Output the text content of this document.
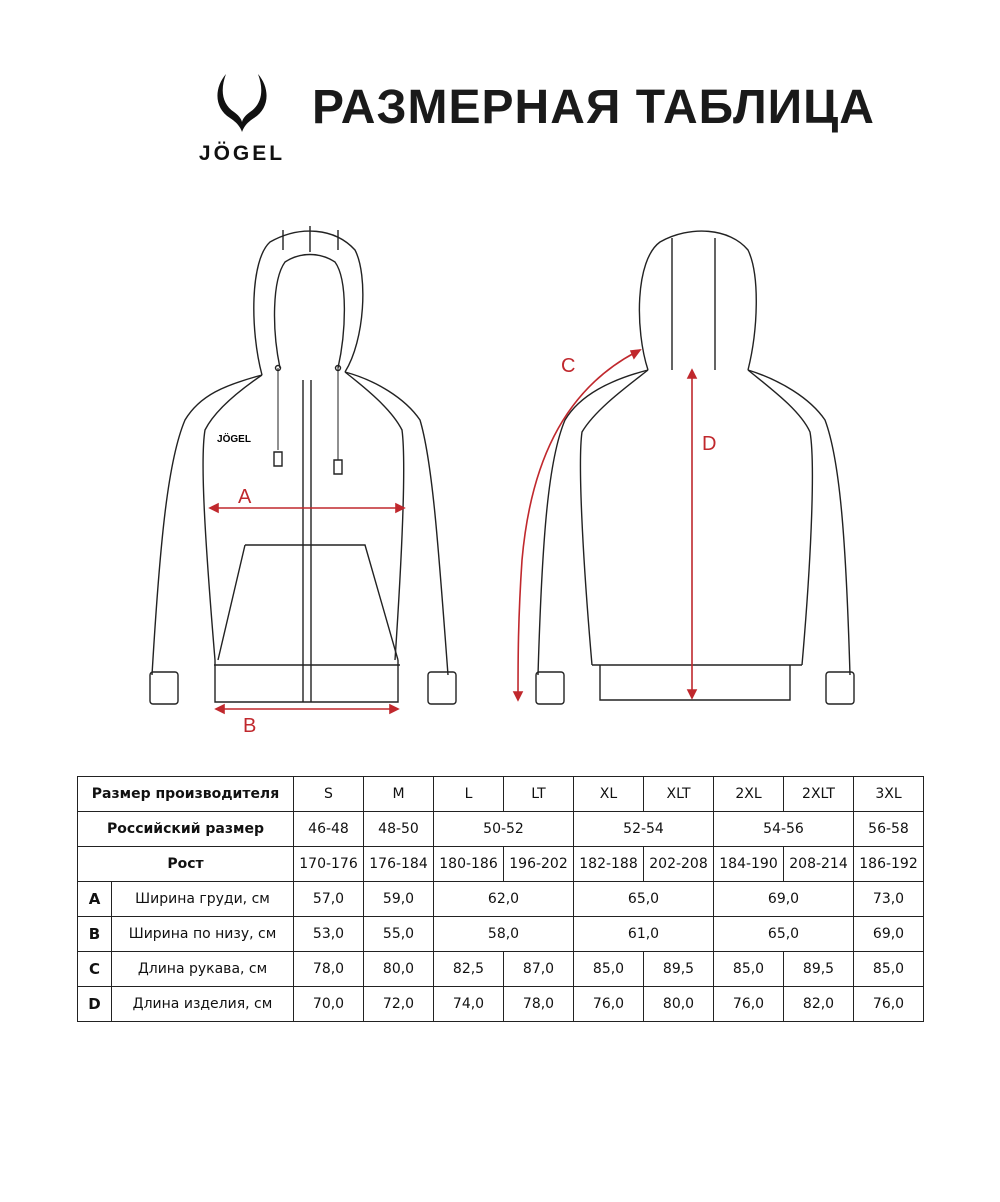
JÖGEL
РАЗМЕРНАЯ ТАБЛИЦА
JÖGEL
A
B
C
D
Размер производителя		S	M	L	LT	XL	XLT	2XL	2XLT	3XL
Российский размер		46-48	48-50	50-52		52-54		54-56		56-58
Рост		170-176	176-184	180-186	196-202	182-188	202-208	184-190	208-214	186-192
A	Ширина груди, см	57,0	59,0	62,0		65,0		69,0		73,0
B	Ширина по низу, см	53,0	55,0	58,0		61,0		65,0		69,0
C	Длина рукава, см	78,0	80,0	82,5	87,0	85,0	89,5	85,0	89,5	85,0
D	Длина изделия, см	70,0	72,0	74,0	78,0	76,0	80,0	76,0	82,0	76,0
